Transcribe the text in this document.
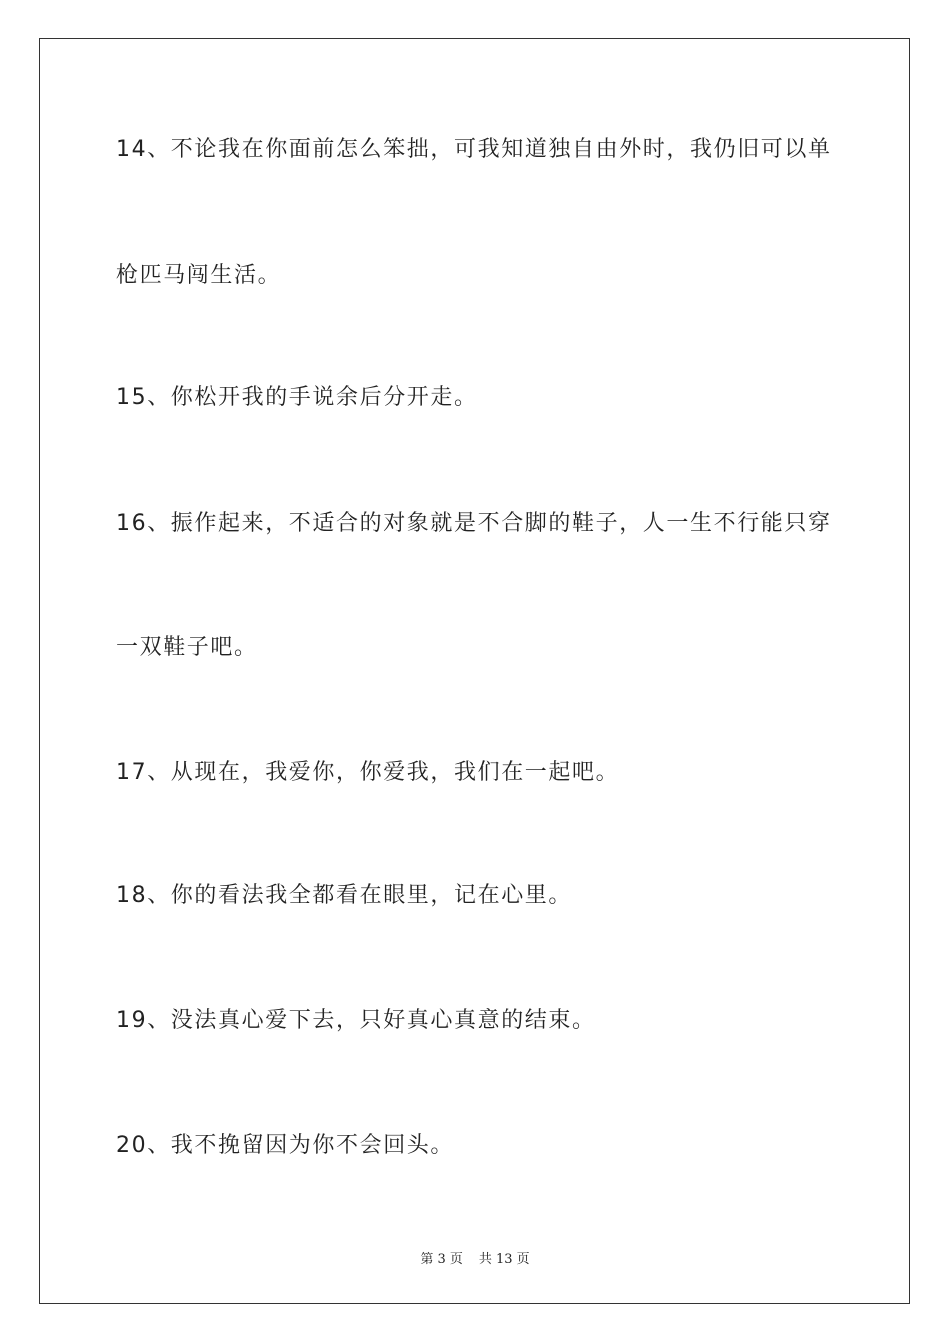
14、不论我在你面前怎么笨拙，可我知道独自由外时，我仍旧可以单
枪匹马闯生活。
15、你松开我的手说余后分开走。
16、振作起来，不适合的对象就是不合脚的鞋子，人一生不行能只穿
一双鞋子吧。
17、从现在，我爱你，你爱我，我们在一起吧。
18、你的看法我全都看在眼里，记在心里。
19、没法真心爱下去，只好真心真意的结束。
20、我不挽留因为你不会回头。
第 3 页 共 13 页
